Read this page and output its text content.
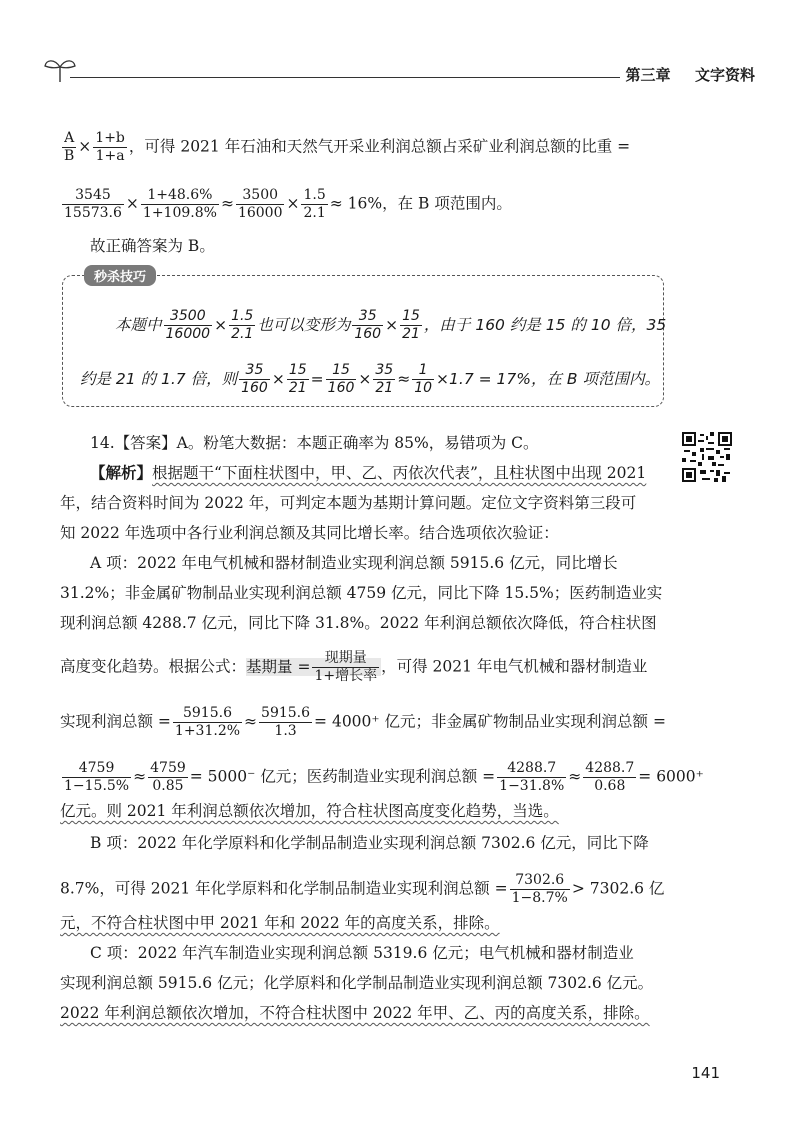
第三章 文字资料
$\frac{A}{B} \times \frac{1+b}{1+a}$ ，可得 2021 年石油和天然气开采业利润总额占采矿业利润总额的比重 =
$\frac{3545}{15573.6} \times \frac{1+48.6\%}{1+109.8\%} \approx \frac{3500}{16000} \times \frac{1.5}{2.1} \approx 16\%$，在 B 项范围内。
故正确答案为 B。
秒杀技巧
本题中 $\frac{3500}{16000} \times \frac{1.5}{2.1}$ 也可以变形为 $\frac{35}{160} \times \frac{15}{21}$ ，由于 160 约是 15 的 10 倍，35
约是 21 的 1.7 倍，则 $\frac{35}{160} \times \frac{15}{21} = \frac{15}{160} \times \frac{35}{21} \approx \frac{1}{10} \times 1.7 = 17\%$，在 B 项范围内。
14.【答案】A。粉笔大数据：本题正确率为 85%，易错项为 C。
【解析】根据题干“下面柱状图中，甲、乙、丙依次代表”，且柱状图中出现 2021
年，结合资料时间为 2022 年，可判定本题为基期计算问题。定位文字资料第三段可
知 2022 年选项中各行业利润总额及其同比增长率。结合选项依次验证：
A 项：2022 年电气机械和器材制造业实现利润总额 5915.6 亿元，同比增长
31.2%；非金属矿物制品业实现利润总额 4759 亿元，同比下降 15.5%；医药制造业实
现利润总额 4288.7 亿元，同比下降 31.8%。2022 年利润总额依次降低，符合柱状图
高度变化趋势。根据公式：基期量 = $\frac{\text{现期量}}{\text{1+增长率}}$ ，可得 2021 年电气机械和器材制造业
实现利润总额 = $\frac{5915.6}{1+31.2\%} \approx \frac{5915.6}{1.3} = 4000^+$ 亿元；非金属矿物制品业实现利润总额 =
$\frac{4759}{1-15.5\%} \approx \frac{4759}{0.85} = 5000^-$ 亿元；医药制造业实现利润总额 = $\frac{4288.7}{1-31.8\%} \approx \frac{4288.7}{0.68} = 6000^+$
亿元。则 2021 年利润总额依次增加，符合柱状图高度变化趋势，当选。
B 项：2022 年化学原料和化学制品制造业实现利润总额 7302.6 亿元，同比下降
8.7%，可得 2021 年化学原料和化学制品制造业实现利润总额 = $\frac{7302.6}{1-8.7\%} > 7302.6$ 亿
元，不符合柱状图中甲 2021 年和 2022 年的高度关系，排除。
C 项：2022 年汽车制造业实现利润总额 5319.6 亿元；电气机械和器材制造业
实现利润总额 5915.6 亿元；化学原料和化学制品制造业实现利润总额 7302.6 亿元。
2022 年利润总额依次增加，不符合柱状图中 2022 年甲、乙、丙的高度关系，排除。
141
